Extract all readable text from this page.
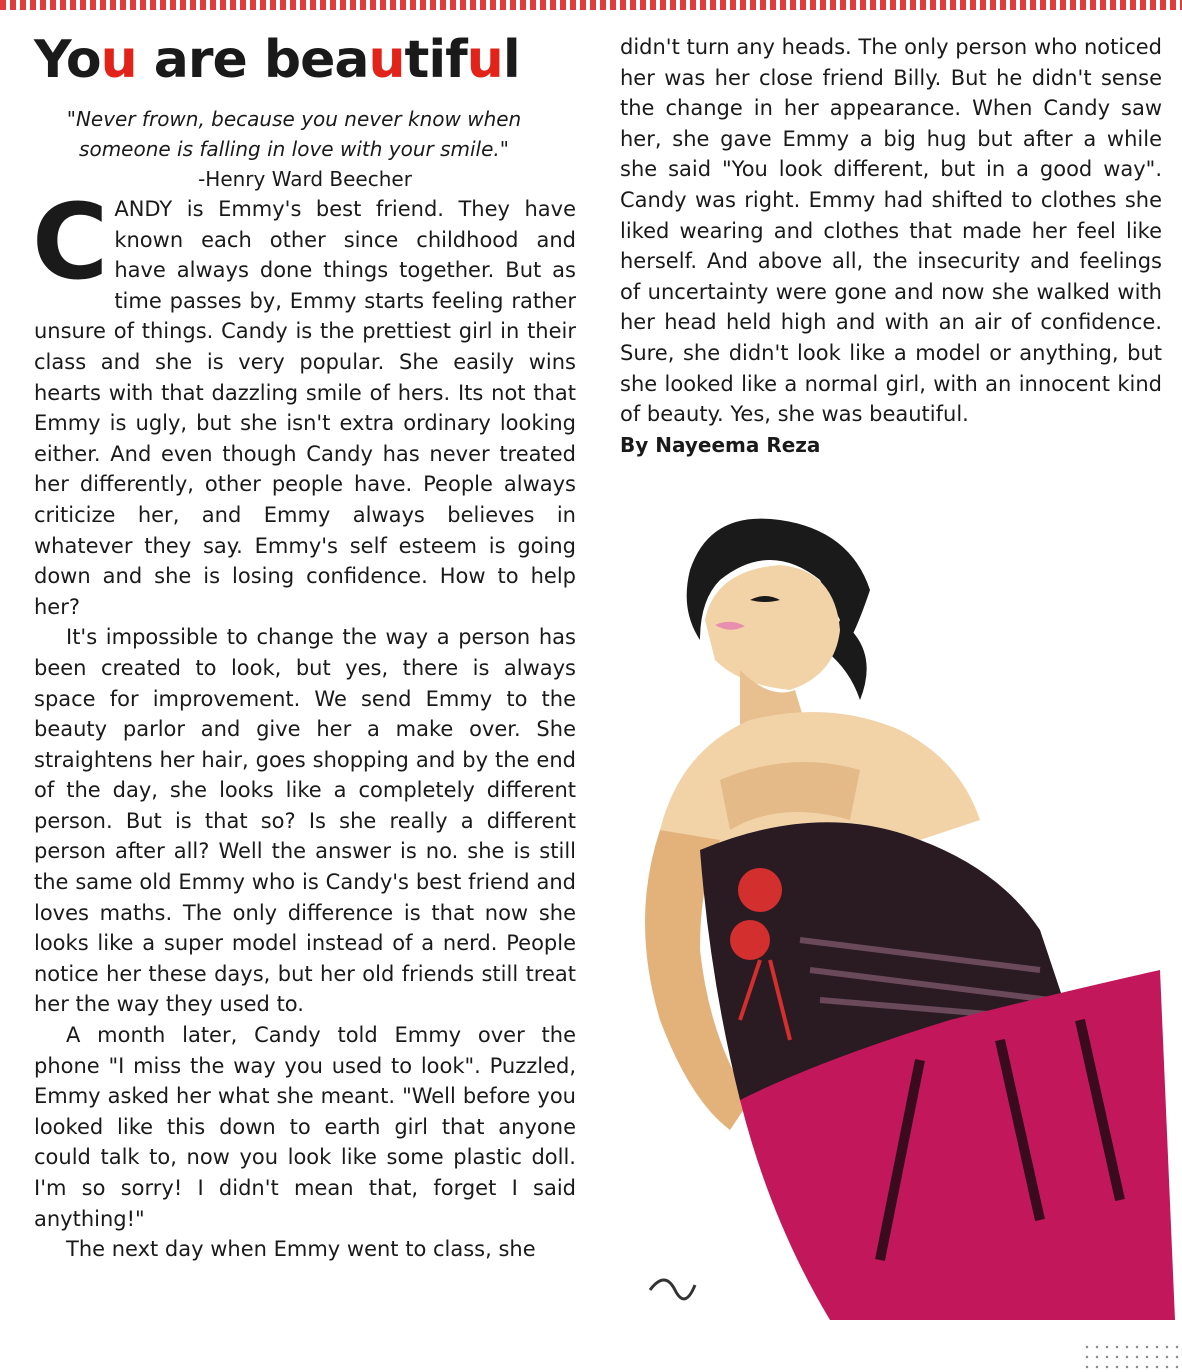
You are beautiful

"Never frown, because you never know when someone is falling in love with your smile."

-Henry Ward Beecher

CANDY is Emmy's best friend. They have known each other since childhood and have always done things together. But as time passes by, Emmy starts feeling rather unsure of things. Candy is the prettiest girl in their class and she is very popular. She easily wins hearts with that dazzling smile of hers. Its not that Emmy is ugly, but she isn't extra ordinary looking either. And even though Candy has never treated her differently, other people have. People always criticize her, and Emmy always believes in whatever they say. Emmy's self esteem is going down and she is losing confidence. How to help her?

It's impossible to change the way a person has been created to look, but yes, there is always space for improvement. We send Emmy to the beauty parlor and give her a make over. She straightens her hair, goes shopping and by the end of the day, she looks like a completely different person. But is that so? Is she really a different person after all? Well the answer is no. she is still the same old Emmy who is Candy's best friend and loves maths. The only difference is that now she looks like a super model instead of a nerd. People notice her these days, but her old friends still treat her the way they used to.

A month later, Candy told Emmy over the phone "I miss the way you used to look". Puzzled, Emmy asked her what she meant. "Well before you looked like this down to earth girl that anyone could talk to, now you look like some plastic doll. I'm so sorry! I didn't mean that, forget I said anything!"

The next day when Emmy went to class, she

didn't turn any heads. The only person who noticed her was her close friend Billy. But he didn't sense the change in her appearance. When Candy saw her, she gave Emmy a big hug but after a while she said "You look different, but in a good way". Candy was right. Emmy had shifted to clothes she liked wearing and clothes that made her feel like herself. And above all, the insecurity and feelings of uncertainty were gone and now she walked with her head held high and with an air of confidence. Sure, she didn't look like a model or anything, but she looked like a normal girl, with an innocent kind of beauty. Yes, she was beautiful.

By Nayeema Reza
